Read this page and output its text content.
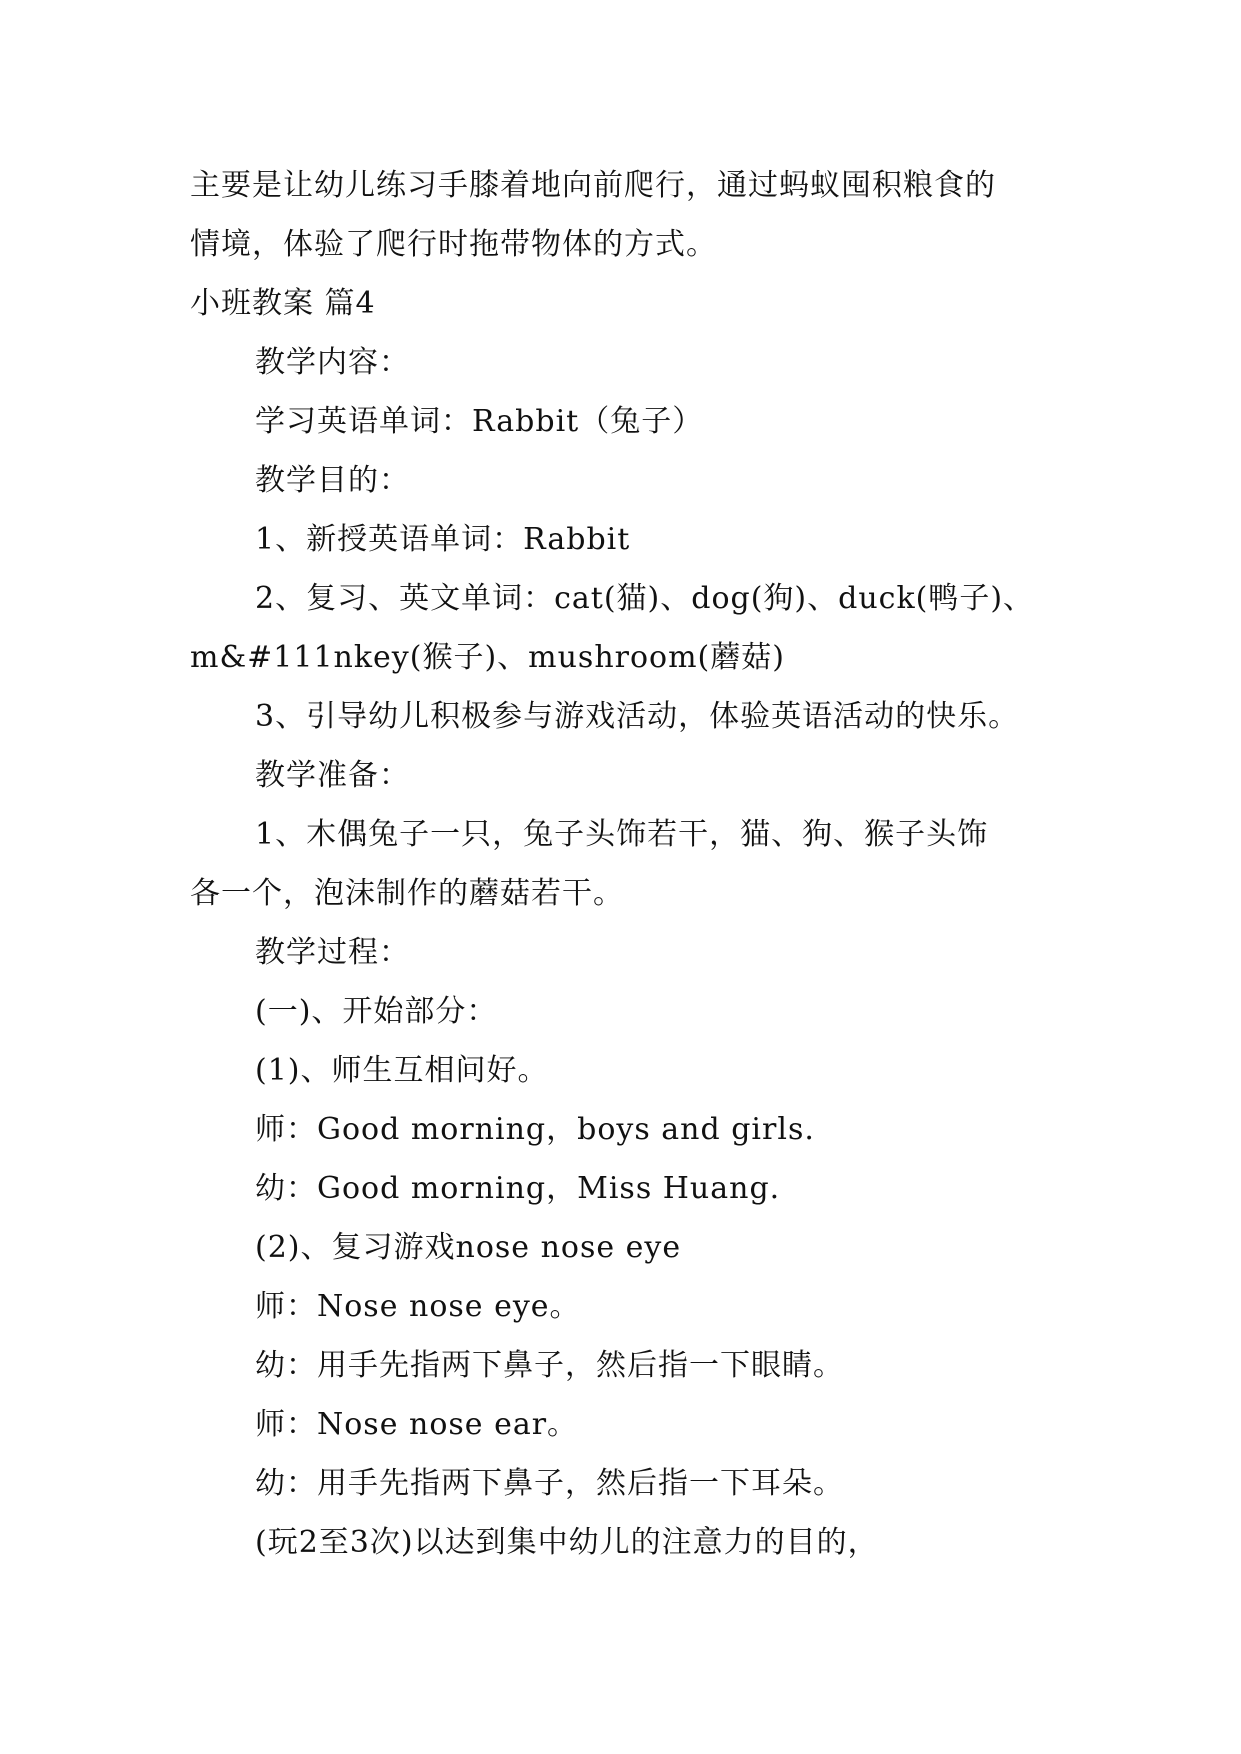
主要是让幼儿练习手膝着地向前爬行，通过蚂蚁囤积粮食的
情境，体验了爬行时拖带物体的方式。
小班教案 篇4
教学内容：
学习英语单词：Rabbit（兔子）
教学目的：
1、新授英语单词：Rabbit
2、复习、英文单词：cat(猫)、dog(狗)、duck(鸭子)、
m&#111nkey(猴子)、mushroom(蘑菇)
3、引导幼儿积极参与游戏活动，体验英语活动的快乐。
教学准备：
1、木偶兔子一只，兔子头饰若干，猫、狗、猴子头饰
各一个，泡沫制作的蘑菇若干。
教学过程：
(一)、开始部分：
(1)、师生互相问好。
师：Good morning，boys and girls.
幼：Good morning，Miss Huang.
(2)、复习游戏nose nose eye
师：Nose nose eye。
幼：用手先指两下鼻子，然后指一下眼睛。
师：Nose nose ear。
幼：用手先指两下鼻子，然后指一下耳朵。
(玩2至3次)以达到集中幼儿的注意力的目的，
